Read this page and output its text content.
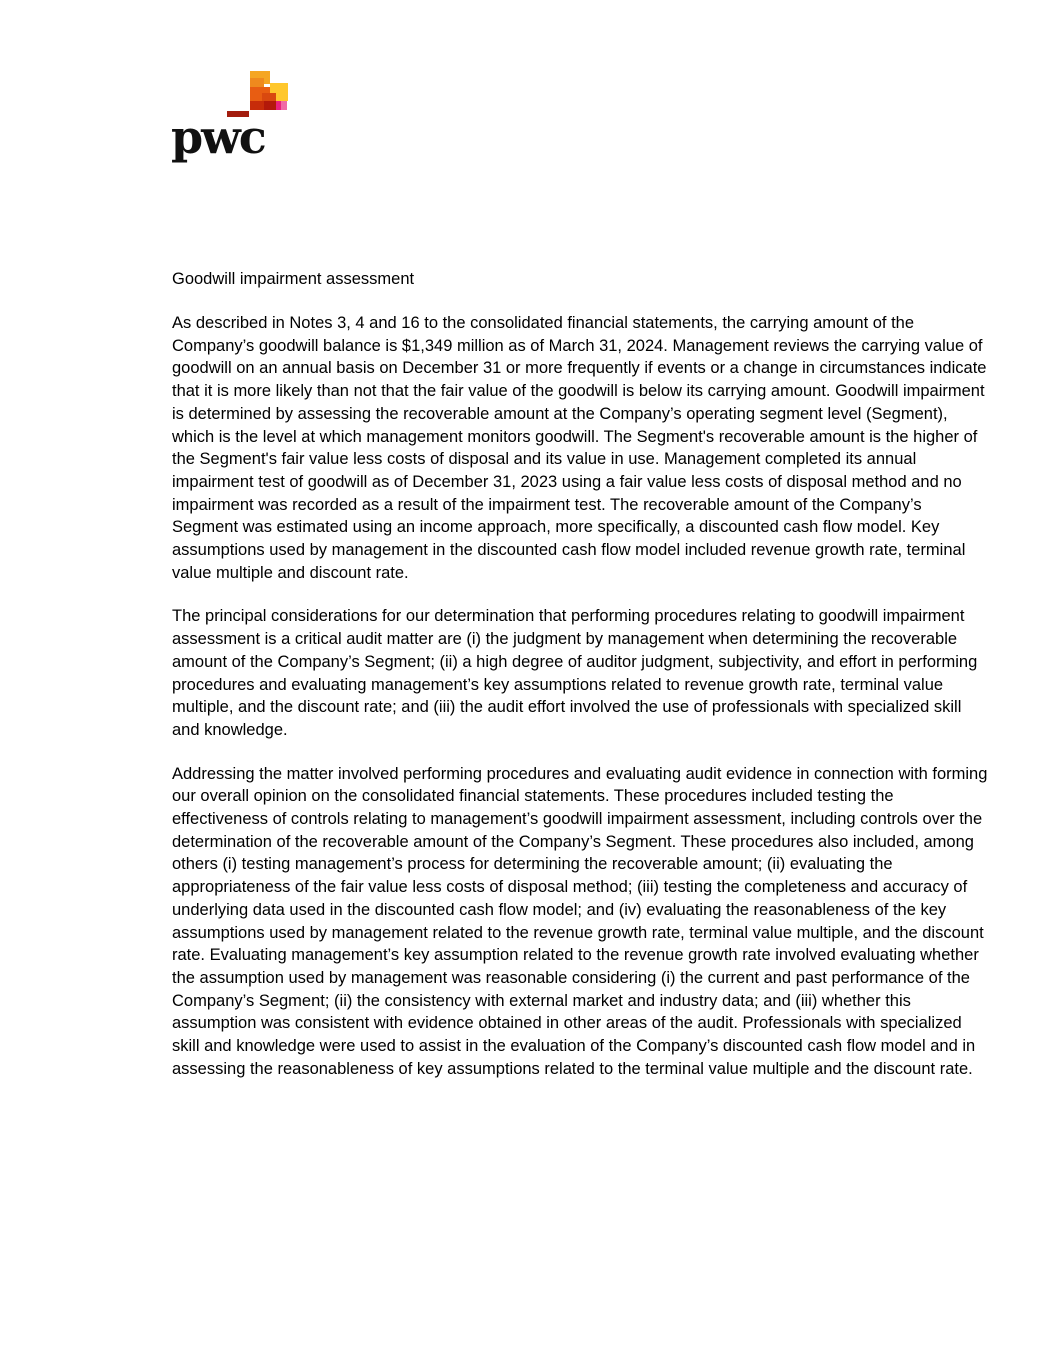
pwc
Goodwill impairment assessment

As described in Notes 3, 4 and 16 to the consolidated financial statements, the carrying amount of the Company’s goodwill balance is $1,349 million as of March 31, 2024. Management reviews the carrying value of goodwill on an annual basis on December 31 or more frequently if events or a change in circumstances indicate that it is more likely than not that the fair value of the goodwill is below its carrying amount. Goodwill impairment is determined by assessing the recoverable amount at the Company’s operating segment level (Segment), which is the level at which management monitors goodwill. The Segment's recoverable amount is the higher of the Segment's fair value less costs of disposal and its value in use. Management completed its annual impairment test of goodwill as of December 31, 2023 using a fair value less costs of disposal method and no impairment was recorded as a result of the impairment test. The recoverable amount of the Company’s Segment was estimated using an income approach, more specifically, a discounted cash flow model. Key assumptions used by management in the discounted cash flow model included revenue growth rate, terminal value multiple and discount rate.

The principal considerations for our determination that performing procedures relating to goodwill impairment assessment is a critical audit matter are (i) the judgment by management when determining the recoverable amount of the Company’s Segment; (ii) a high degree of auditor judgment, subjectivity, and effort in performing procedures and evaluating management’s key assumptions related to revenue growth rate, terminal value multiple, and the discount rate; and (iii) the audit effort involved the use of professionals with specialized skill and knowledge.

Addressing the matter involved performing procedures and evaluating audit evidence in connection with forming our overall opinion on the consolidated financial statements. These procedures included testing the effectiveness of controls relating to management’s goodwill impairment assessment, including controls over the determination of the recoverable amount of the Company’s Segment. These procedures also included, among others (i) testing management’s process for determining the recoverable amount; (ii) evaluating the appropriateness of the fair value less costs of disposal method; (iii) testing the completeness and accuracy of underlying data used in the discounted cash flow model; and (iv) evaluating the reasonableness of the key assumptions used by management related to the revenue growth rate, terminal value multiple, and the discount rate. Evaluating management’s key assumption related to the revenue growth rate involved evaluating whether the assumption used by management was reasonable considering (i) the current and past performance of the Company’s Segment; (ii) the consistency with external market and industry data; and (iii) whether this assumption was consistent with evidence obtained in other areas of the audit. Professionals with specialized skill and knowledge were used to assist in the evaluation of the Company’s discounted cash flow model and in assessing the reasonableness of key assumptions related to the terminal value multiple and the discount rate.
